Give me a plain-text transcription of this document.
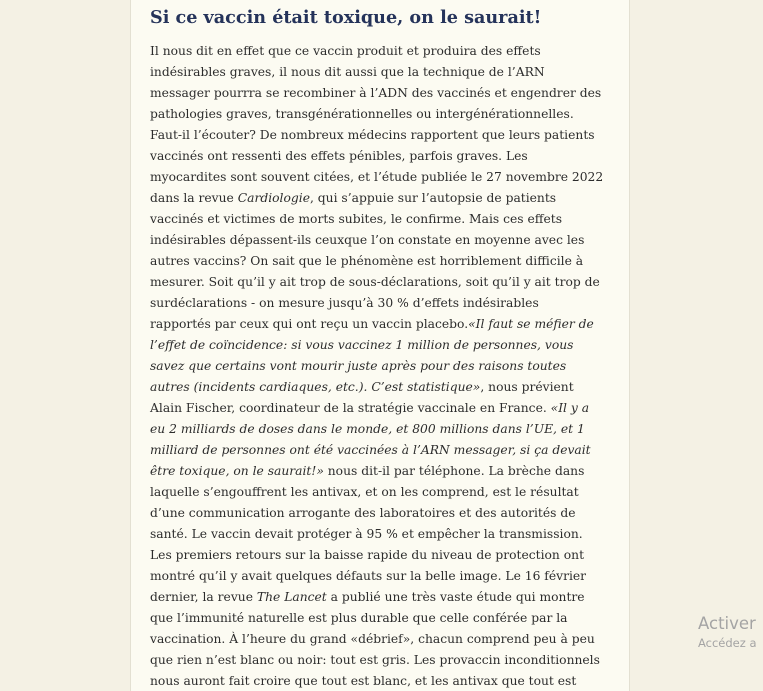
Si ce vaccin était toxique, on le saurait!
Il nous dit en effet que ce vaccin produit et produira des effets
indésirables graves, il nous dit aussi que la technique de l’ARN
messager pourrra se recombiner à l’ADN des vaccinés et engendrer des
pathologies graves, transgénérationnelles ou intergénérationnelles.
Faut-il l’écouter? De nombreux médecins rapportent que leurs patients
vaccinés ont ressenti des effets pénibles, parfois graves. Les
myocardites sont souvent citées, et l’étude publiée le 27 novembre 2022
dans la revue Cardiologie, qui s’appuie sur l’autopsie de patients
vaccinés et victimes de morts subites, le confirme. Mais ces effets
indésirables dépassent-ils ceuxque l’on constate en moyenne avec les
autres vaccins? On sait que le phénomène est horriblement difficile à
mesurer. Soit qu’il y ait trop de sous-déclarations, soit qu’il y ait trop de
surdéclarations - on mesure jusqu’à 30 % d’effets indésirables
rapportés par ceux qui ont reçu un vaccin placebo.«Il faut se méfier de
l’effet de coïncidence: si vous vaccinez 1 million de personnes, vous
savez que certains vont mourir juste après pour des raisons toutes
autres (incidents cardiaques, etc.). C’est statistique», nous prévient
Alain Fischer, coordinateur de la stratégie vaccinale en France. «Il y a
eu 2 milliards de doses dans le monde, et 800 millions dans l’UE, et 1
milliard de personnes ont été vaccinées à l’ARN messager, si ça devait
être toxique, on le saurait!» nous dit-il par téléphone. La brèche dans
laquelle s’engouffrent les antivax, et on les comprend, est le résultat
d’une communication arrogante des laboratoires et des autorités de
santé. Le vaccin devait protéger à 95 % et empêcher la transmission.
Les premiers retours sur la baisse rapide du niveau de protection ont
montré qu’il y avait quelques défauts sur la belle image. Le 16 février
dernier, la revue The Lancet a publié une très vaste étude qui montre
que l’immunité naturelle est plus durable que celle conférée par la
vaccination. À l’heure du grand «débrief», chacun comprend peu à peu
que rien n’est blanc ou noir: tout est gris. Les provaccin inconditionnels
nous auront fait croire que tout est blanc, et les antivax que tout est
Activer
Accédez a
